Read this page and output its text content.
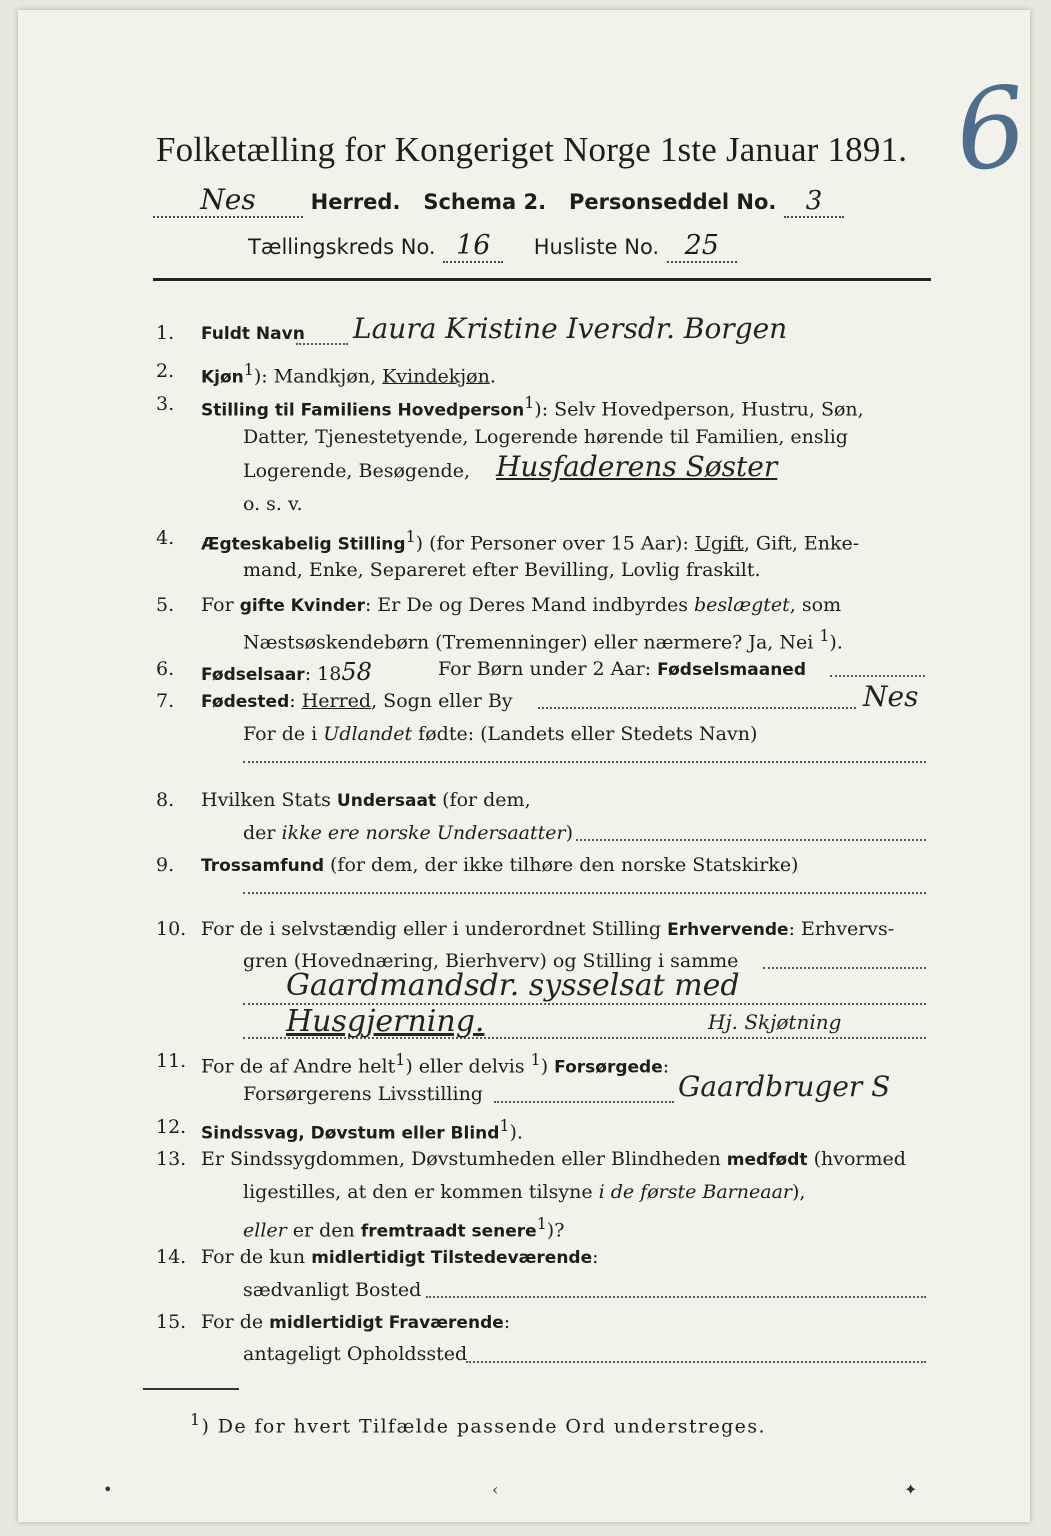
Folketælling for Kongeriget Norge 1ste Januar 1891. 6
Nes	Herred. Schema 2. Personseddel No. 3
Tællingskreds No. 16 Husliste No. 25
1.	Fuldt Navn Laura Kristine Iversdr. Borgen
2.	Kjøn$^1$): Mandkjøn, Kvindekjøn.
3.	Stilling til Familiens Hovedperson$^1$): Selv Hovedperson, Hustru, Søn,
Datter, Tjenestetyende, Logerende hørende til Familien, enslig
Logerende, Besøgende, Husfaderens Søster
o. s. v.
4.	Ægteskabelig Stilling$^1$) (for Personer over 15 Aar): Ugift, Gift, Enke-
mand, Enke, Separeret efter Bevilling, Lovlig fraskilt.
5.	For gifte Kvinder: Er De og Deres Mand indbyrdes beslægtet, som
Næstsøskendebørn (Tremenninger) eller nærmere? Ja, Nei $^1$).
6.	Fødselsaar: 1858	For Børn under 2 Aar: Fødselsmaaned
7.	Fødested: Herred, Sogn eller By	Nes
For de i Udlandet fødte: (Landets eller Stedets Navn)
8.	Hvilken Stats Undersaat (for dem,
der ikke ere norske Undersaatter)
9.	Trossamfund (for dem, der ikke tilhøre den norske Statskirke)
10. For de i selvstændig eller i underordnet Stilling Erhvervende: Erhvervs-
gren (Hovednæring, Bierhverv) og Stilling i samme
Gaardmandsdr. sysselsat med
Husgjerning.	Hj. Skjøtning
11. For de af Andre helt$^1$) eller delvis $^1$) Forsørgede:
Forsørgerens Livsstilling	Gaardbruger S
12. Sindssvag, Døvstum eller Blind$^1$).
13. Er Sindssygdommen, Døvstumheden eller Blindheden medfødt (hvormed
ligestilles, at den er kommen tilsyne i de første Barneaar),
eller er den fremtraadt senere$^1$)?
14. For de kun midlertidigt Tilstedeværende:
sædvanligt Bosted
15. For de midlertidigt Fraværende:
antageligt Opholdssted
$^1$) De for hvert Tilfælde passende Ord understreges.
•	‹	✦
